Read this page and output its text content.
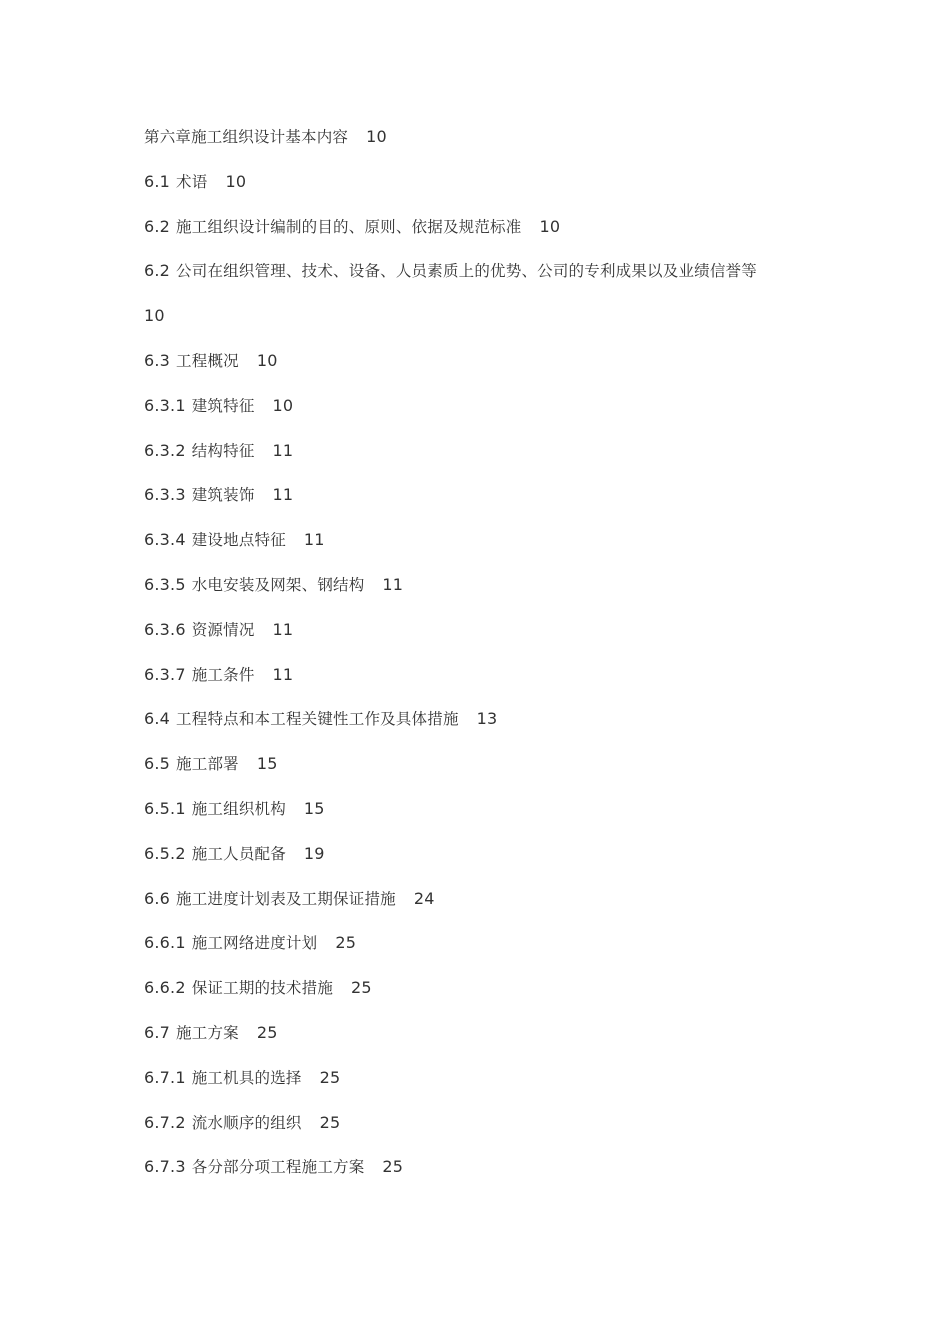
第六章施工组织设计基本内容 10
6.1 术语 10
6.2 施工组织设计编制的目的、原则、依据及规范标准 10
6.2 公司在组织管理、技术、设备、人员素质上的优势、公司的专利成果以及业绩信誉等
10
6.3 工程概况 10
6.3.1 建筑特征 10
6.3.2 结构特征 11
6.3.3 建筑装饰 11
6.3.4 建设地点特征 11
6.3.5 水电安装及网架、钢结构 11
6.3.6 资源情况 11
6.3.7 施工条件 11
6.4 工程特点和本工程关键性工作及具体措施 13
6.5 施工部署 15
6.5.1 施工组织机构 15
6.5.2 施工人员配备 19
6.6 施工进度计划表及工期保证措施 24
6.6.1 施工网络进度计划 25
6.6.2 保证工期的技术措施 25
6.7 施工方案 25
6.7.1 施工机具的选择 25
6.7.2 流水顺序的组织 25
6.7.3 各分部分项工程施工方案 25
